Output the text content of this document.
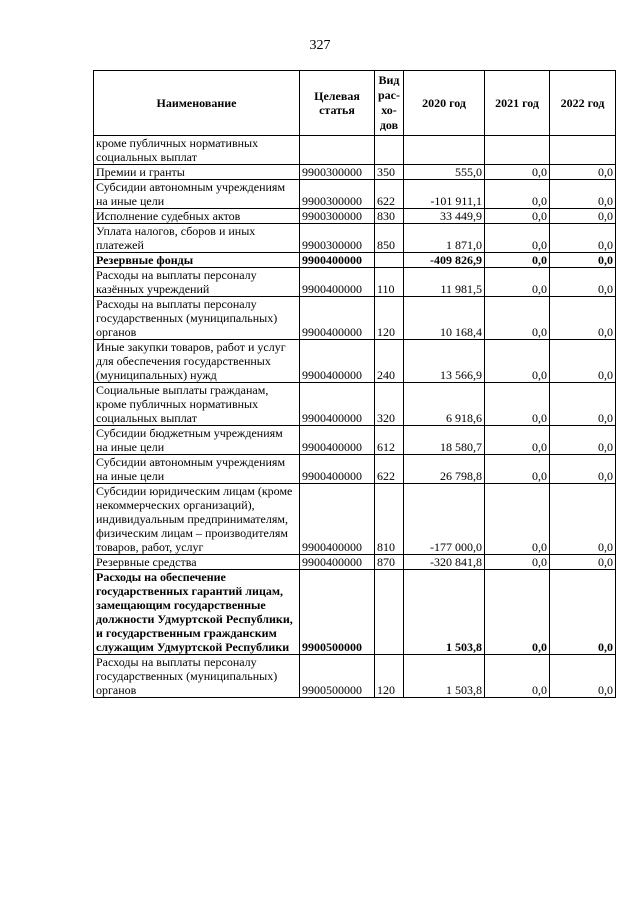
327
Наименование	Целевая статья	Вид рас-хо-дов	2020 год	2021 год	2022 год
кроме публичных нормативных социальных выплат					
Премии и гранты	9900300000	350	555,0	0,0	0,0
Субсидии автономным учреждениям на иные цели	9900300000	622	-101 911,1	0,0	0,0
Исполнение судебных актов	9900300000	830	33 449,9	0,0	0,0
Уплата налогов, сборов и иных платежей	9900300000	850	1 871,0	0,0	0,0
Резервные фонды	9900400000		-409 826,9	0,0	0,0
Расходы на выплаты персоналу казённых учреждений	9900400000	110	11 981,5	0,0	0,0
Расходы на выплаты персоналу государственных (муниципальных) органов	9900400000	120	10 168,4	0,0	0,0
Иные закупки товаров, работ и услуг для обеспечения государственных (муниципальных) нужд	9900400000	240	13 566,9	0,0	0,0
Социальные выплаты гражданам, кроме публичных нормативных социальных выплат	9900400000	320	6 918,6	0,0	0,0
Субсидии бюджетным учреждениям на иные цели	9900400000	612	18 580,7	0,0	0,0
Субсидии автономным учреждениям на иные цели	9900400000	622	26 798,8	0,0	0,0
Субсидии юридическим лицам (кроме некоммерческих организаций), индивидуальным предпринимателям, физическим лицам – производителям товаров, работ, услуг	9900400000	810	-177 000,0	0,0	0,0
Резервные средства	9900400000	870	-320 841,8	0,0	0,0
Расходы на обеспечение государственных гарантий лицам, замещающим государственные должности Удмуртской Республики, и государственным гражданским служащим Удмуртской Республики	9900500000		1 503,8	0,0	0,0
Расходы на выплаты персоналу государственных (муниципальных) органов	9900500000	120	1 503,8	0,0	0,0
